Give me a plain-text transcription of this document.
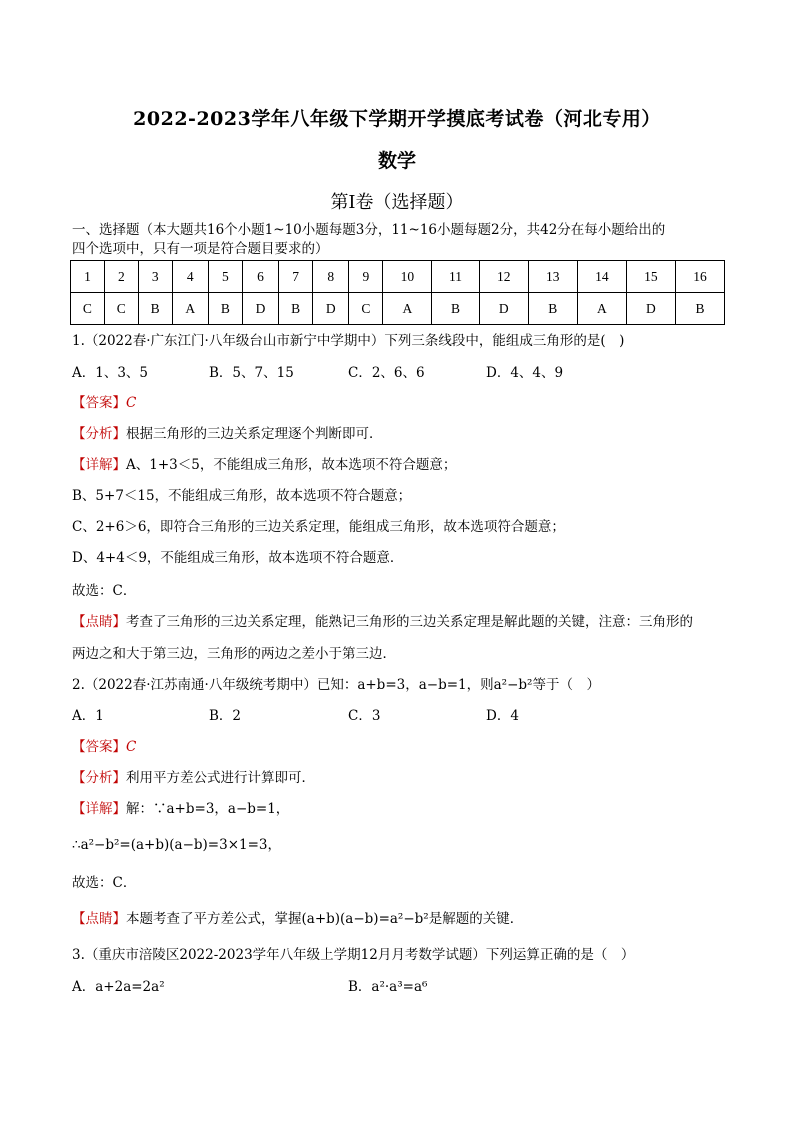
2022-2023学年八年级下学期开学摸底考试卷（河北专用）
数学
第Ⅰ卷（选择题）
一、选择题（本大题共16个小题1~10小题每题3分，11~16小题每题2分，共42分在每小题给出的
四个选项中，只有一项是符合题目要求的）
1	2	3	4	5	6	7	8	9	10	11	12	13	14	15	16
C	C	B	A	B	D	B	D	C	A	B	D	B	A	D	B
1.（2022春·广东江门·八年级台山市新宁中学期中）下列三条线段中，能组成三角形的是(　)
A．1、3、5	B．5、7、15	C．2、6、6	D．4、4、9
【答案】C
【分析】根据三角形的三边关系定理逐个判断即可．
【详解】A、1+3＜5，不能组成三角形，故本选项不符合题意；
B、5+7＜15，不能组成三角形，故本选项不符合题意；
C、2+6＞6，即符合三角形的三边关系定理，能组成三角形，故本选项符合题意；
D、4+4＜9，不能组成三角形，故本选项不符合题意．
故选：C．
【点睛】考查了三角形的三边关系定理，能熟记三角形的三边关系定理是解此题的关键，注意：三角形的
两边之和大于第三边，三角形的两边之差小于第三边．
2.（2022春·江苏南通·八年级统考期中）已知：a+b=3，a−b=1，则a²−b²等于（　）
A．1	B．2	C．3	D．4
【答案】C
【分析】利用平方差公式进行计算即可．
【详解】解：∵a+b=3，a−b=1，
∴a²−b²=(a+b)(a−b)=3×1=3，
故选：C．
【点睛】本题考查了平方差公式，掌握(a+b)(a−b)=a²−b²是解题的关键．
3.（重庆市涪陵区2022-2023学年八年级上学期12月月考数学试题）下列运算正确的是（　）
A．a+2a=2a²	B．a²·a³=a⁶
